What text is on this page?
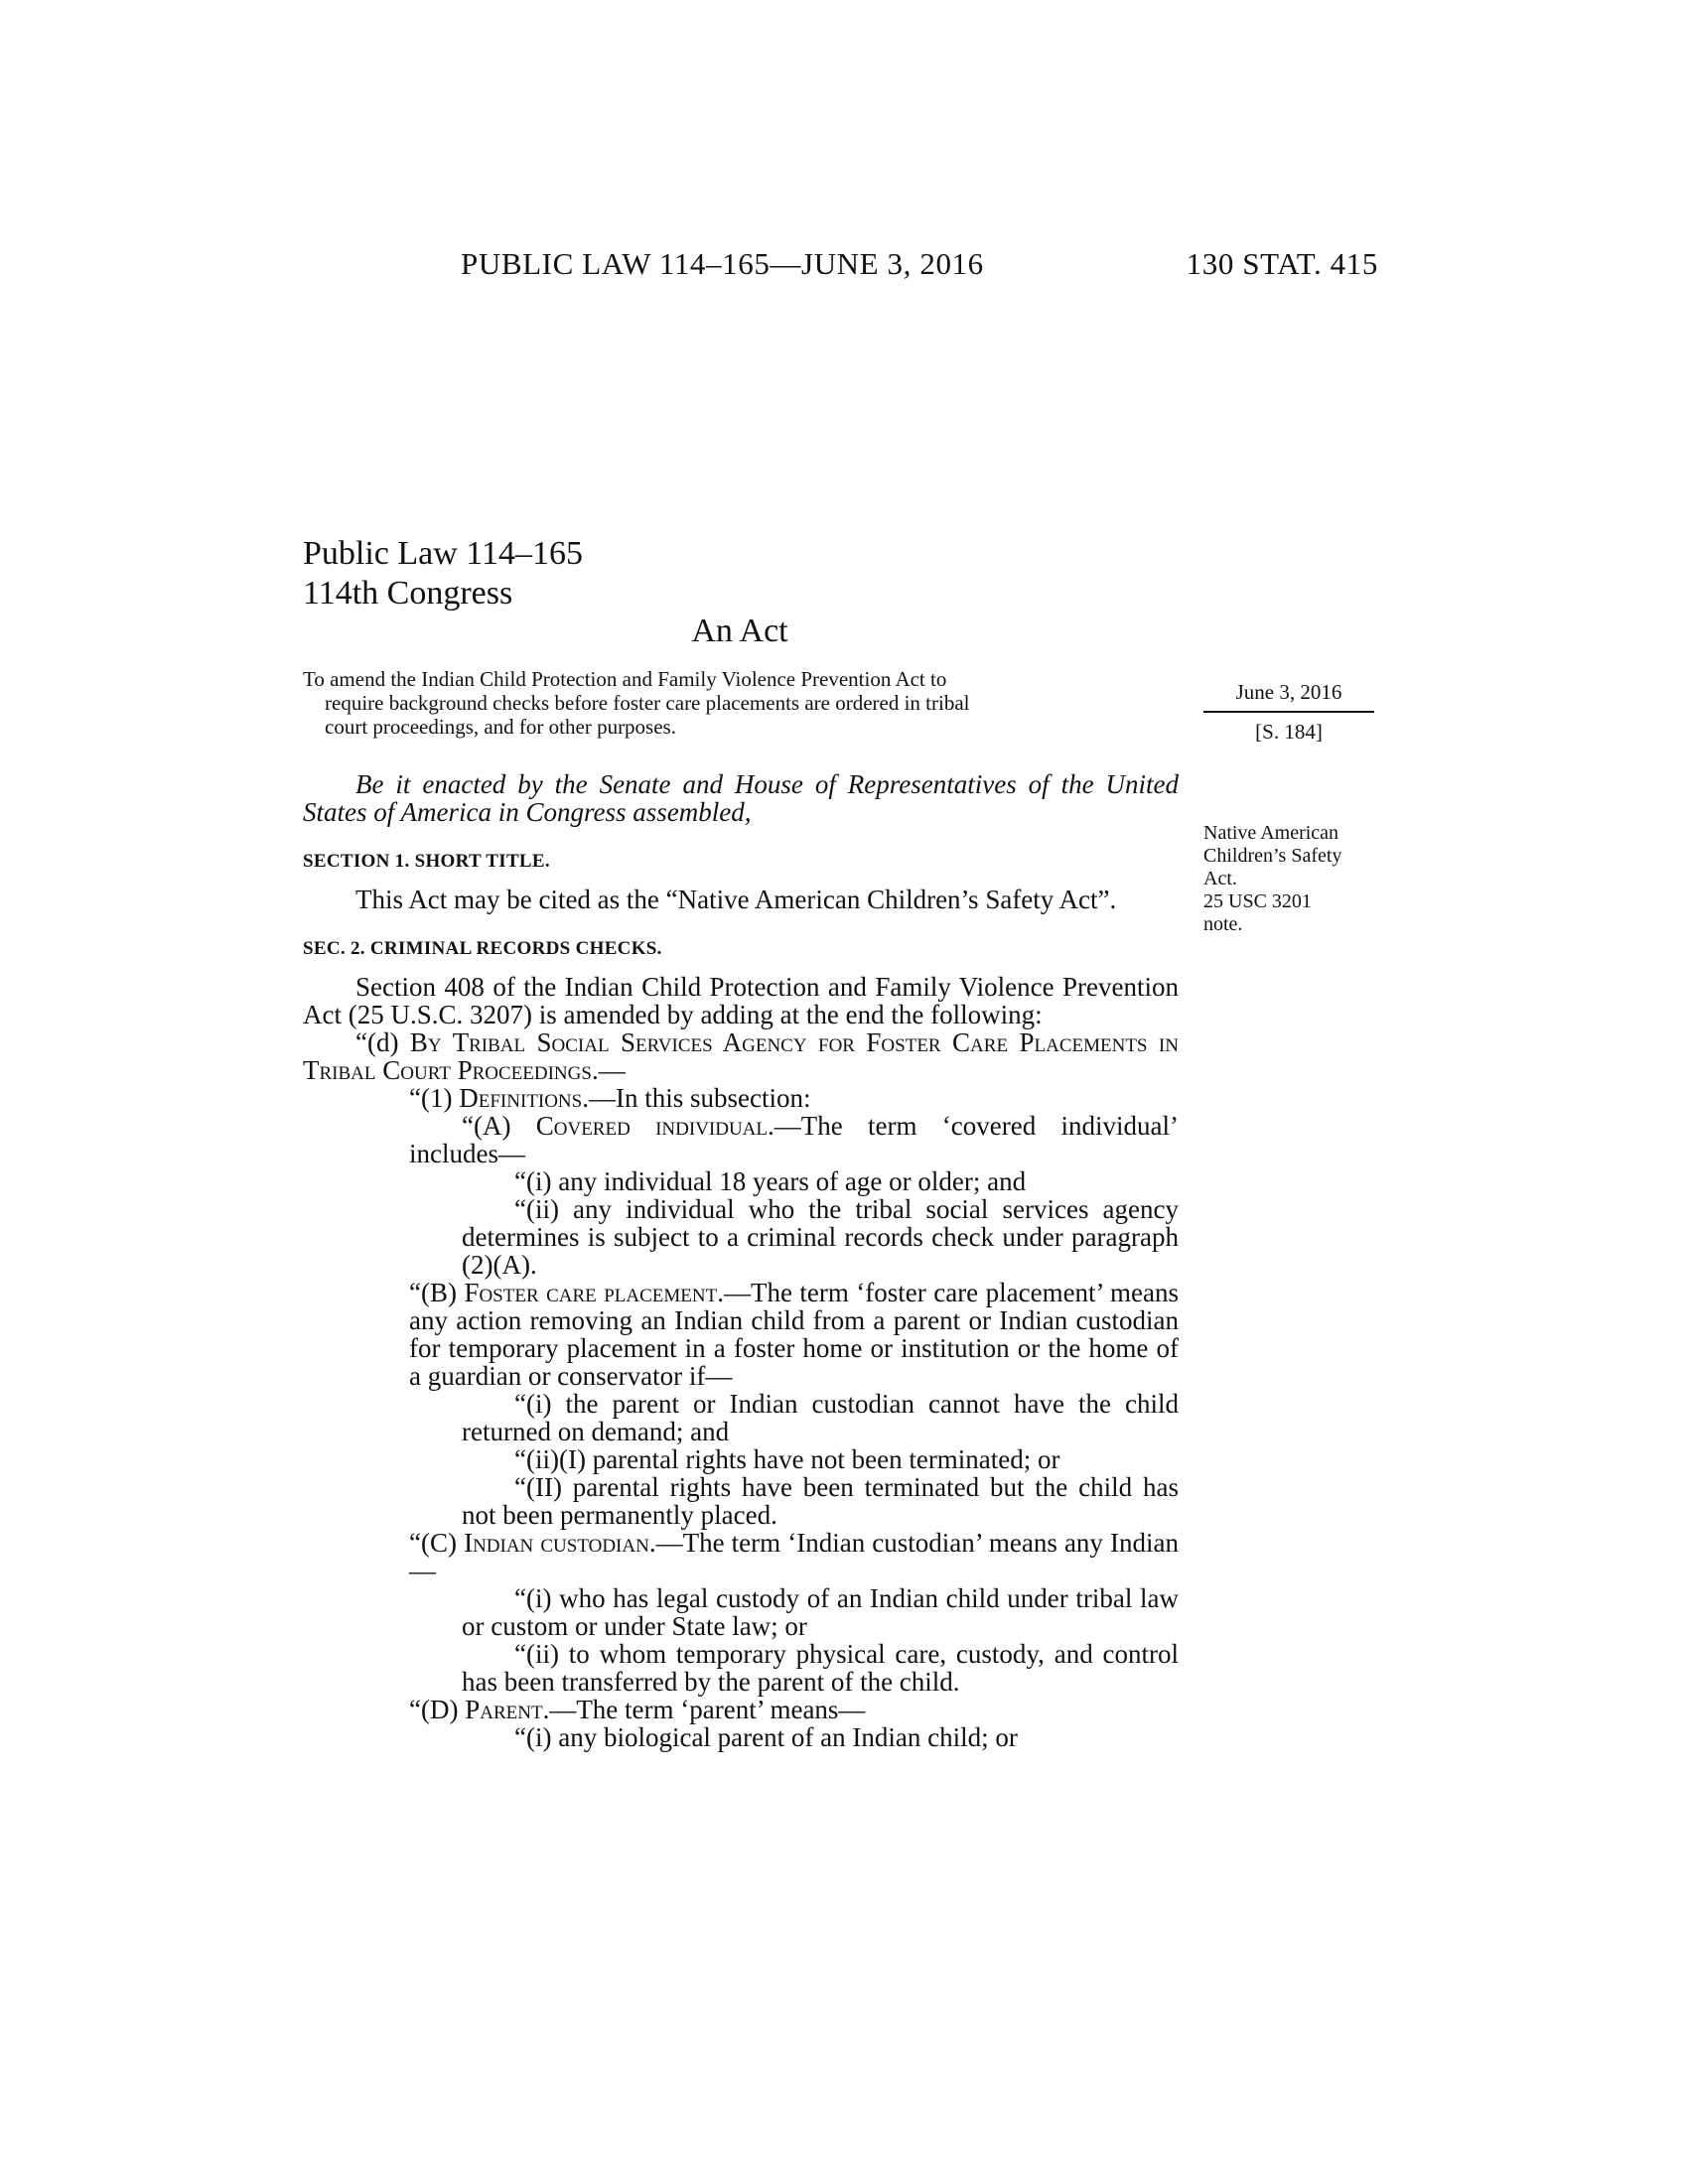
PUBLIC LAW 114–165—JUNE 3, 2016	130 STAT. 415
Public Law 114–165
114th Congress
An Act
To amend the Indian Child Protection and Family Violence Prevention Act to
require background checks before foster care placements are ordered in tribal
court proceedings, and for other purposes.
June 3, 2016
[S. 184]
Native American
Children’s Safety
Act.
25 USC 3201
note.

Be it enacted by the Senate and House of Representatives of the United States of America in Congress assembled,

SECTION 1. SHORT TITLE.

This Act may be cited as the “Native American Children’s Safety Act”.

SEC. 2. CRIMINAL RECORDS CHECKS.

Section 408 of the Indian Child Protection and Family Violence Prevention Act (25 U.S.C. 3207) is amended by adding at the end the following:

“(d) By Tribal Social Services Agency for Foster Care Placements in Tribal Court Proceedings.—

“(1) Definitions.—In this subsection:

“(A) Covered individual.—The term ‘covered individual’ includes—

“(i) any individual 18 years of age or older; and

“(ii) any individual who the tribal social services agency determines is subject to a criminal records check under paragraph (2)(A).

“(B) Foster care placement.—The term ‘foster care placement’ means any action removing an Indian child from a parent or Indian custodian for temporary placement in a foster home or institution or the home of a guardian or conservator if—

“(i) the parent or Indian custodian cannot have the child returned on demand; and

“(ii)(I) parental rights have not been terminated; or

“(II) parental rights have been terminated but the child has not been permanently placed.

“(C) Indian custodian.—The term ‘Indian custodian’ means any Indian—

“(i) who has legal custody of an Indian child under tribal law or custom or under State law; or

“(ii) to whom temporary physical care, custody, and control has been transferred by the parent of the child.

“(D) Parent.—The term ‘parent’ means—

“(i) any biological parent of an Indian child; or
